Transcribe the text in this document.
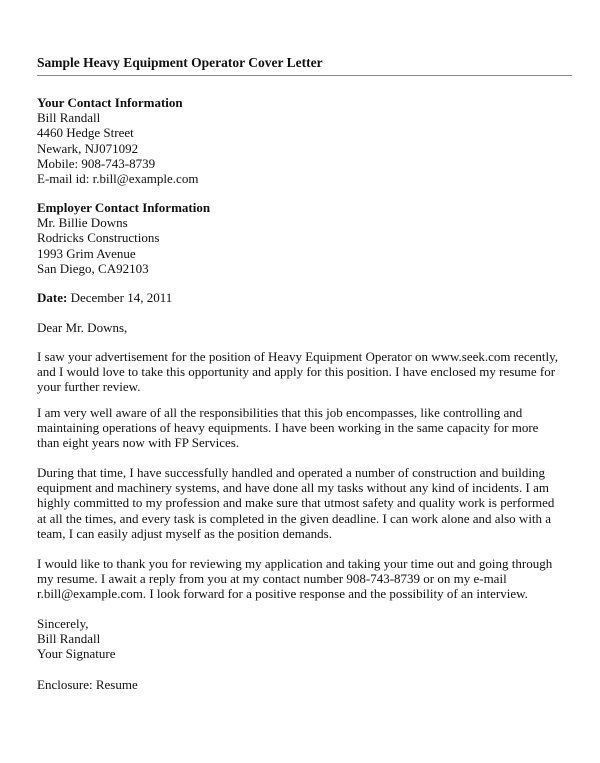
Sample Heavy Equipment Operator Cover Letter
Your Contact Information
Bill Randall
4460 Hedge Street
Newark, NJ071092
Mobile: 908-743-8739
E-mail id: r.bill@example.com
Employer Contact Information
Mr. Billie Downs
Rodricks Constructions
1993 Grim Avenue
San Diego, CA92103
Date: December 14, 2011
Dear Mr. Downs,
I saw your advertisement for the position of Heavy Equipment Operator on www.seek.com recently,
and I would love to take this opportunity and apply for this position. I have enclosed my resume for
your further review.
I am very well aware of all the responsibilities that this job encompasses, like controlling and
maintaining operations of heavy equipments. I have been working in the same capacity for more
than eight years now with FP Services.
During that time, I have successfully handled and operated a number of construction and building
equipment and machinery systems, and have done all my tasks without any kind of incidents. I am
highly committed to my profession and make sure that utmost safety and quality work is performed
at all the times, and every task is completed in the given deadline. I can work alone and also with a
team, I can easily adjust myself as the position demands.
I would like to thank you for reviewing my application and taking your time out and going through
my resume. I await a reply from you at my contact number 908-743-8739 or on my e-mail
r.bill@example.com. I look forward for a positive response and the possibility of an interview.
Sincerely,
Bill Randall
Your Signature
Enclosure: Resume
